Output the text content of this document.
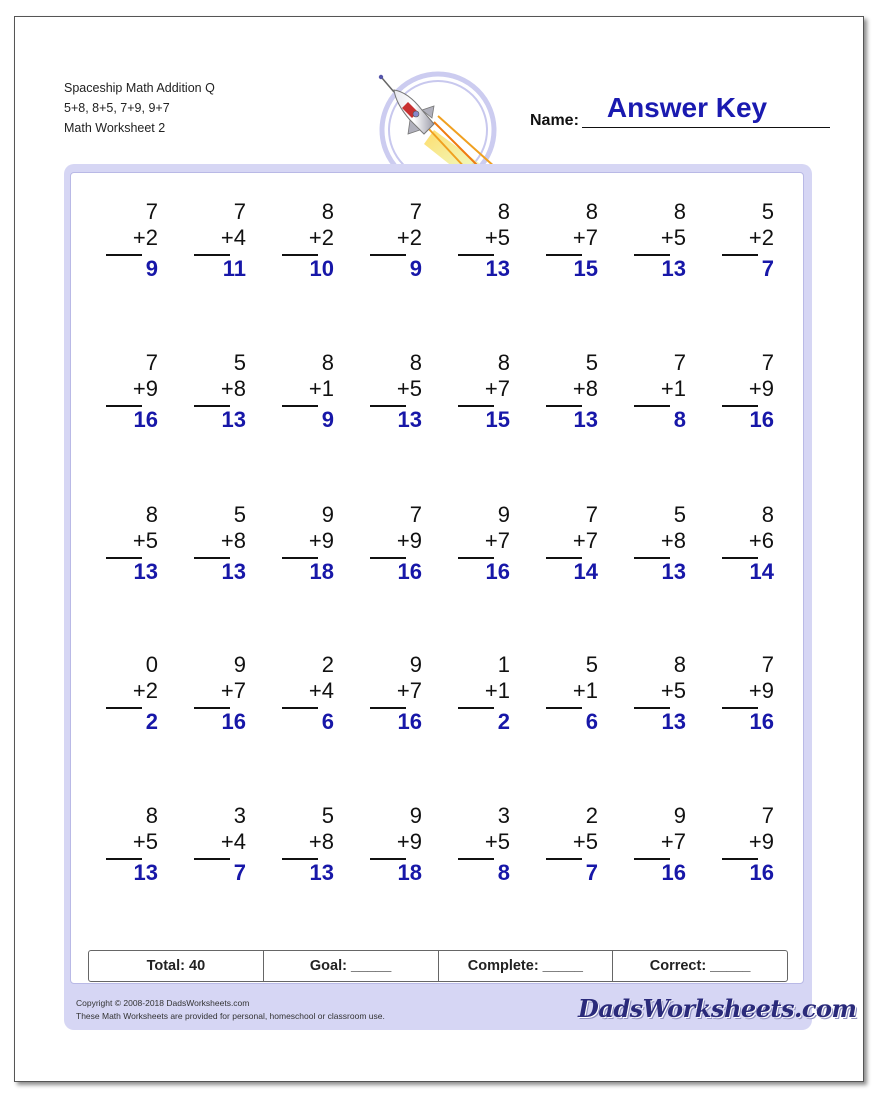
Spaceship Math Addition Q
5+8, 8+5, 7+9, 9+7
Math Worksheet 2	Name: Answer Key
7
+2
9
7
+4
11
8
+2
10
7
+2
9
8
+5
13
8
+7
15
8
+5
13
5
+2
7
7
+9
16
5
+8
13
8
+1
9
8
+5
13
8
+7
15
5
+8
13
7
+1
8
7
+9
16
8
+5
13
5
+8
13
9
+9
18
7
+9
16
9
+7
16
7
+7
14
5
+8
13
8
+6
14
0
+2
2
9
+7
16
2
+4
6
9
+7
16
1
+1
2
5
+1
6
8
+5
13
7
+9
16
8
+5
13
3
+4
7
5
+8
13
9
+9
18
3
+5
8
2
+5
7
9
+7
16
7
+9
16
Total: 40	Goal: _____	Complete: _____	Correct: _____
Copyright © 2008-2018 DadsWorksheets.com
These Math Worksheets are provided for personal, homeschool or classroom use.	DadsWorksheets.com
